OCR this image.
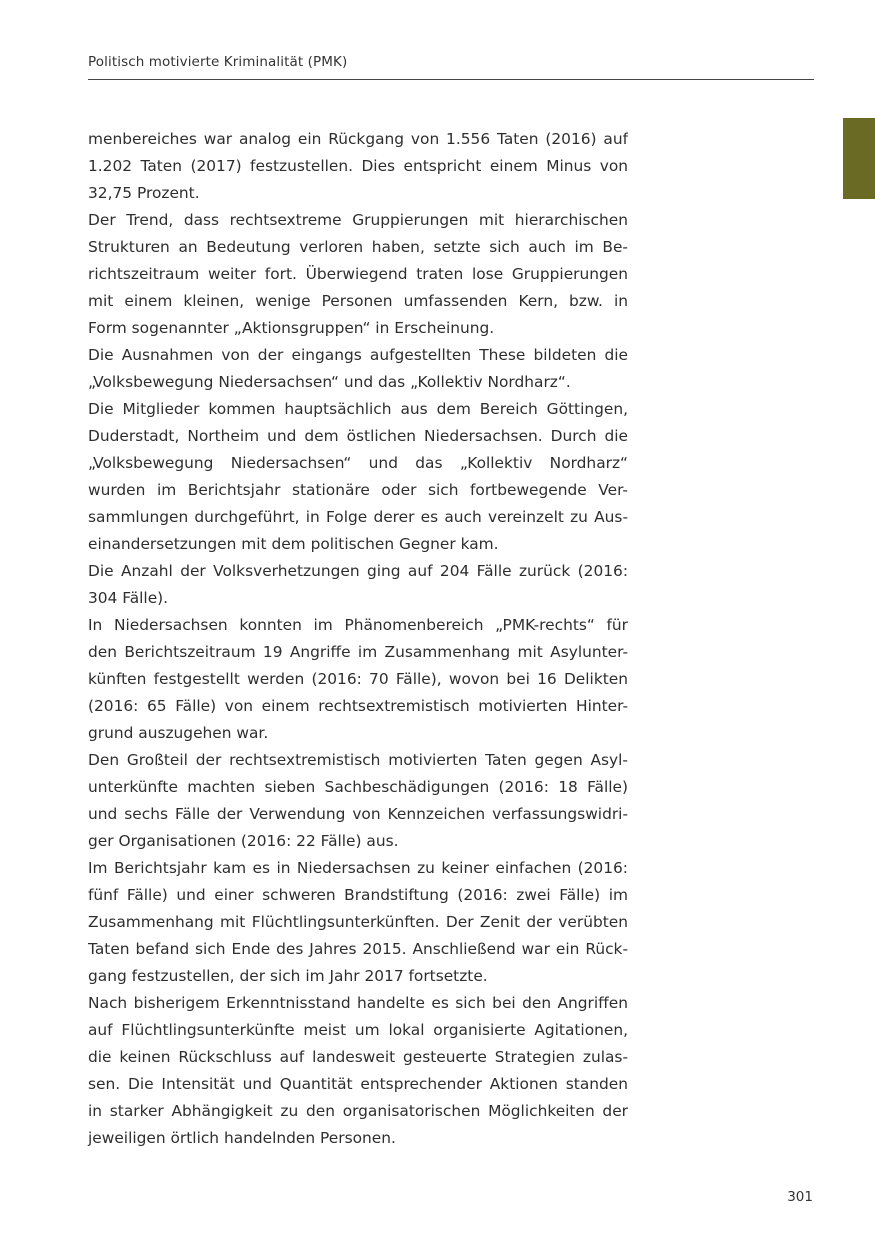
Politisch motivierte Kriminalität (PMK)
menbereiches war analog ein Rückgang von 1.556 Taten (2016) auf
1.202 Taten (2017) festzustellen. Dies entspricht einem Minus von
32,75 Prozent.
Der Trend, dass rechtsextreme Gruppierungen mit hierarchischen
Strukturen an Bedeutung verloren haben, setzte sich auch im Be-
richtszeitraum weiter fort. Überwiegend traten lose Gruppierungen
mit einem kleinen, wenige Personen umfassenden Kern, bzw. in
Form sogenannter „Aktionsgruppen“ in Erscheinung.
Die Ausnahmen von der eingangs aufgestellten These bildeten die
„Volksbewegung Niedersachsen“ und das „Kollektiv Nordharz“.
Die Mitglieder kommen hauptsächlich aus dem Bereich Göttingen,
Duderstadt, Northeim und dem östlichen Niedersachsen. Durch die
„Volksbewegung Niedersachsen“ und das „Kollektiv Nordharz“
wurden im Berichtsjahr stationäre oder sich fortbewegende Ver-
sammlungen durchgeführt, in Folge derer es auch vereinzelt zu Aus-
einandersetzungen mit dem politischen Gegner kam.
Die Anzahl der Volksverhetzungen ging auf 204 Fälle zurück (2016:
304 Fälle).
In Niedersachsen konnten im Phänomenbereich „PMK-rechts“ für
den Berichtszeitraum 19 Angriffe im Zusammenhang mit Asylunter-
künften festgestellt werden (2016: 70 Fälle), wovon bei 16 Delikten
(2016: 65 Fälle) von einem rechtsextremistisch motivierten Hinter-
grund auszugehen war.
Den Großteil der rechtsextremistisch motivierten Taten gegen Asyl-
unterkünfte machten sieben Sachbeschädigungen (2016: 18 Fälle)
und sechs Fälle der Verwendung von Kennzeichen verfassungswidri-
ger Organisationen (2016: 22 Fälle) aus.
Im Berichtsjahr kam es in Niedersachsen zu keiner einfachen (2016:
fünf Fälle) und einer schweren Brandstiftung (2016: zwei Fälle) im
Zusammenhang mit Flüchtlingsunterkünften. Der Zenit der verübten
Taten befand sich Ende des Jahres 2015. Anschließend war ein Rück-
gang festzustellen, der sich im Jahr 2017 fortsetzte.
Nach bisherigem Erkenntnisstand handelte es sich bei den Angriffen
auf Flüchtlingsunterkünfte meist um lokal organisierte Agitationen,
die keinen Rückschluss auf landesweit gesteuerte Strategien zulas-
sen. Die Intensität und Quantität entsprechender Aktionen standen
in starker Abhängigkeit zu den organisatorischen Möglichkeiten der
jeweiligen örtlich handelnden Personen.
301
